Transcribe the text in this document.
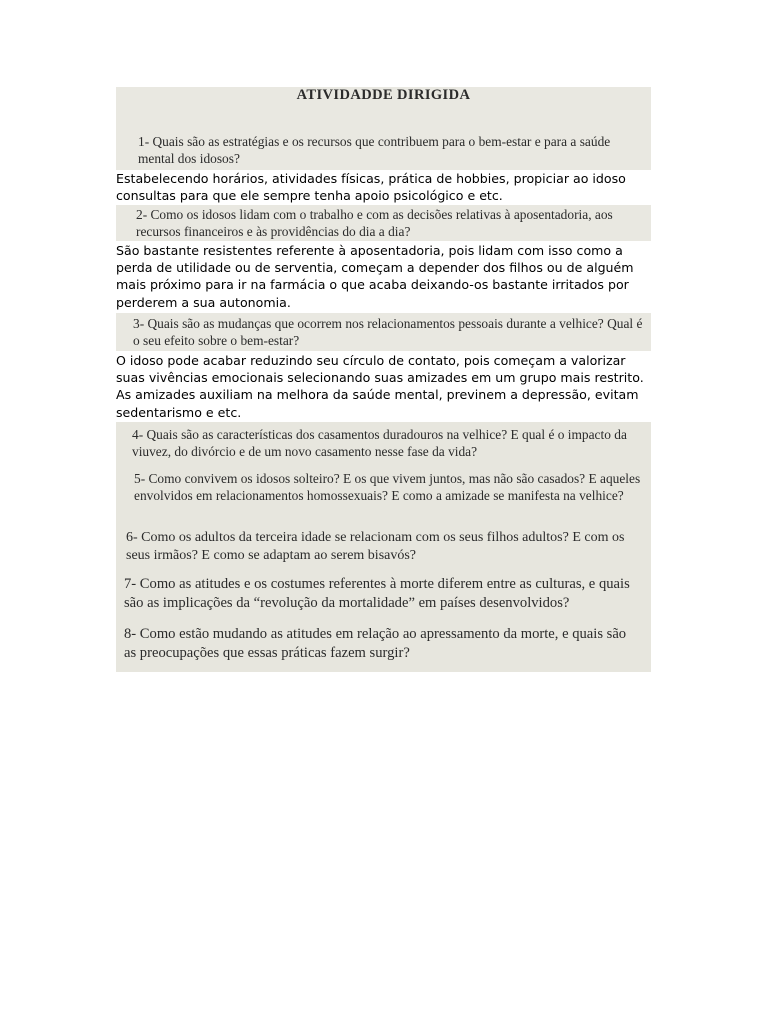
ATIVIDADDE DIRIGIDA

1- Quais são as estratégias e os recursos que contribuem para o bem-estar e para a saúde mental dos idosos?

Estabelecendo horários, atividades físicas, prática de hobbies, propiciar ao idoso consultas para que ele sempre tenha apoio psicológico e etc.

2- Como os idosos lidam com o trabalho e com as decisões relativas à aposentadoria, aos recursos financeiros e às providências do dia a dia?

São bastante resistentes referente à aposentadoria, pois lidam com isso como a perda de utilidade ou de serventia, começam a depender dos filhos ou de alguém mais próximo para ir na farmácia o que acaba deixando-os bastante irritados por perderem a sua autonomia.

3- Quais são as mudanças que ocorrem nos relacionamentos pessoais durante a velhice? Qual é o seu efeito sobre o bem-estar?

O idoso pode acabar reduzindo seu círculo de contato, pois começam a valorizar suas vivências emocionais selecionando suas amizades em um grupo mais restrito. As amizades auxiliam na melhora da saúde mental, previnem a depressão, evitam sedentarismo e etc.

4- Quais são as características dos casamentos duradouros na velhice? E qual é o impacto da viuvez, do divórcio e de um novo casamento nesse fase da vida?

5- Como convivem os idosos solteiro? E os que vivem juntos, mas não são casados? E aqueles envolvidos em relacionamentos homossexuais? E como a amizade se manifesta na velhice?

6- Como os adultos da terceira idade se relacionam com os seus filhos adultos? E com os seus irmãos? E como se adaptam ao serem bisavós?

7- Como as atitudes e os costumes referentes à morte diferem entre as culturas, e quais são as implicações da “revolução da mortalidade” em países desenvolvidos?

8- Como estão mudando as atitudes em relação ao apressamento da morte, e quais são as preocupações que essas práticas fazem surgir?
